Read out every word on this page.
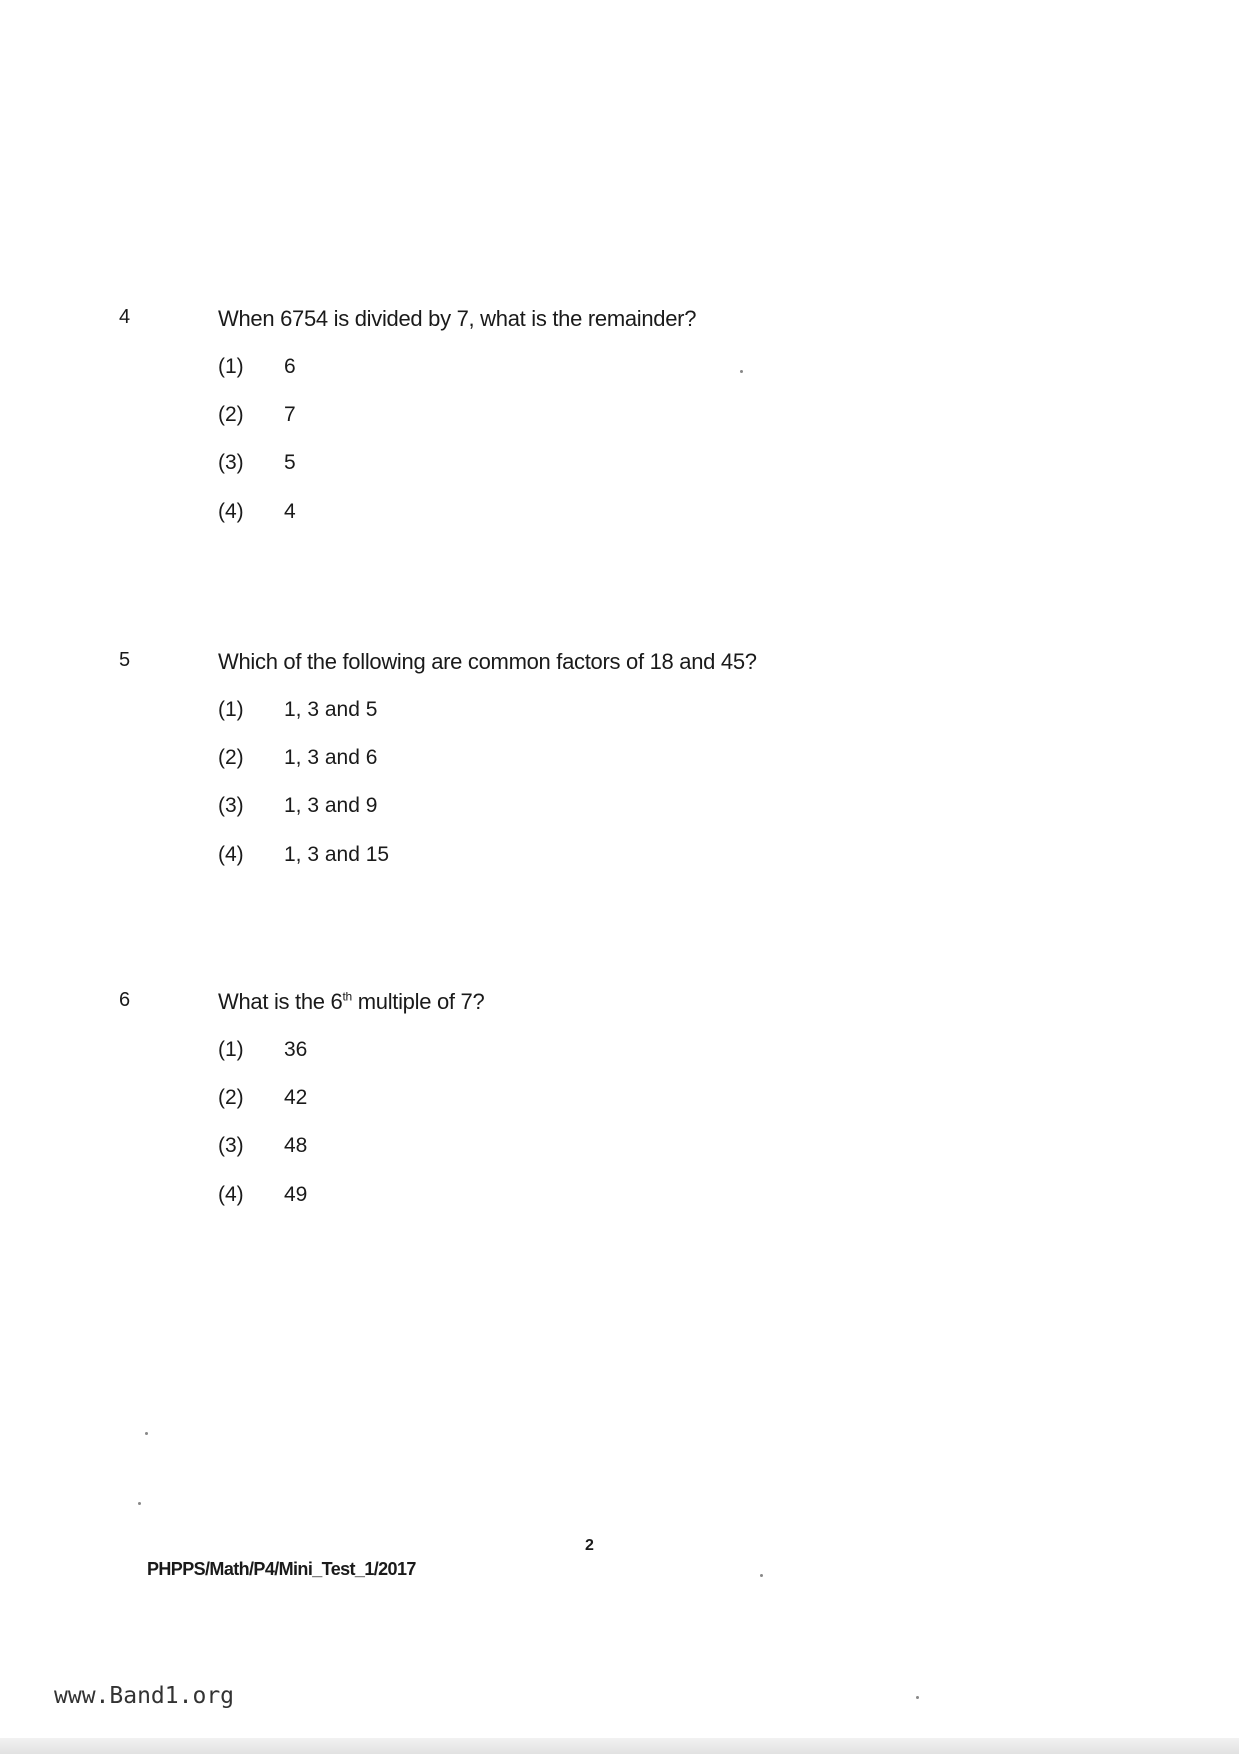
4	When 6754 is divided by 7, what is the remainder?
(1) 6
(2) 7
(3) 5
(4) 4
5	Which of the following are common factors of 18 and 45?
(1) 1, 3 and 5
(2) 1, 3 and 6
(3) 1, 3 and 9
(4) 1, 3 and 15
6	What is the 6th multiple of 7?
(1) 36
(2) 42
(3) 48
(4) 49
2
PHPPS/Math/P4/Mini_Test_1/2017
www.Band1.org
